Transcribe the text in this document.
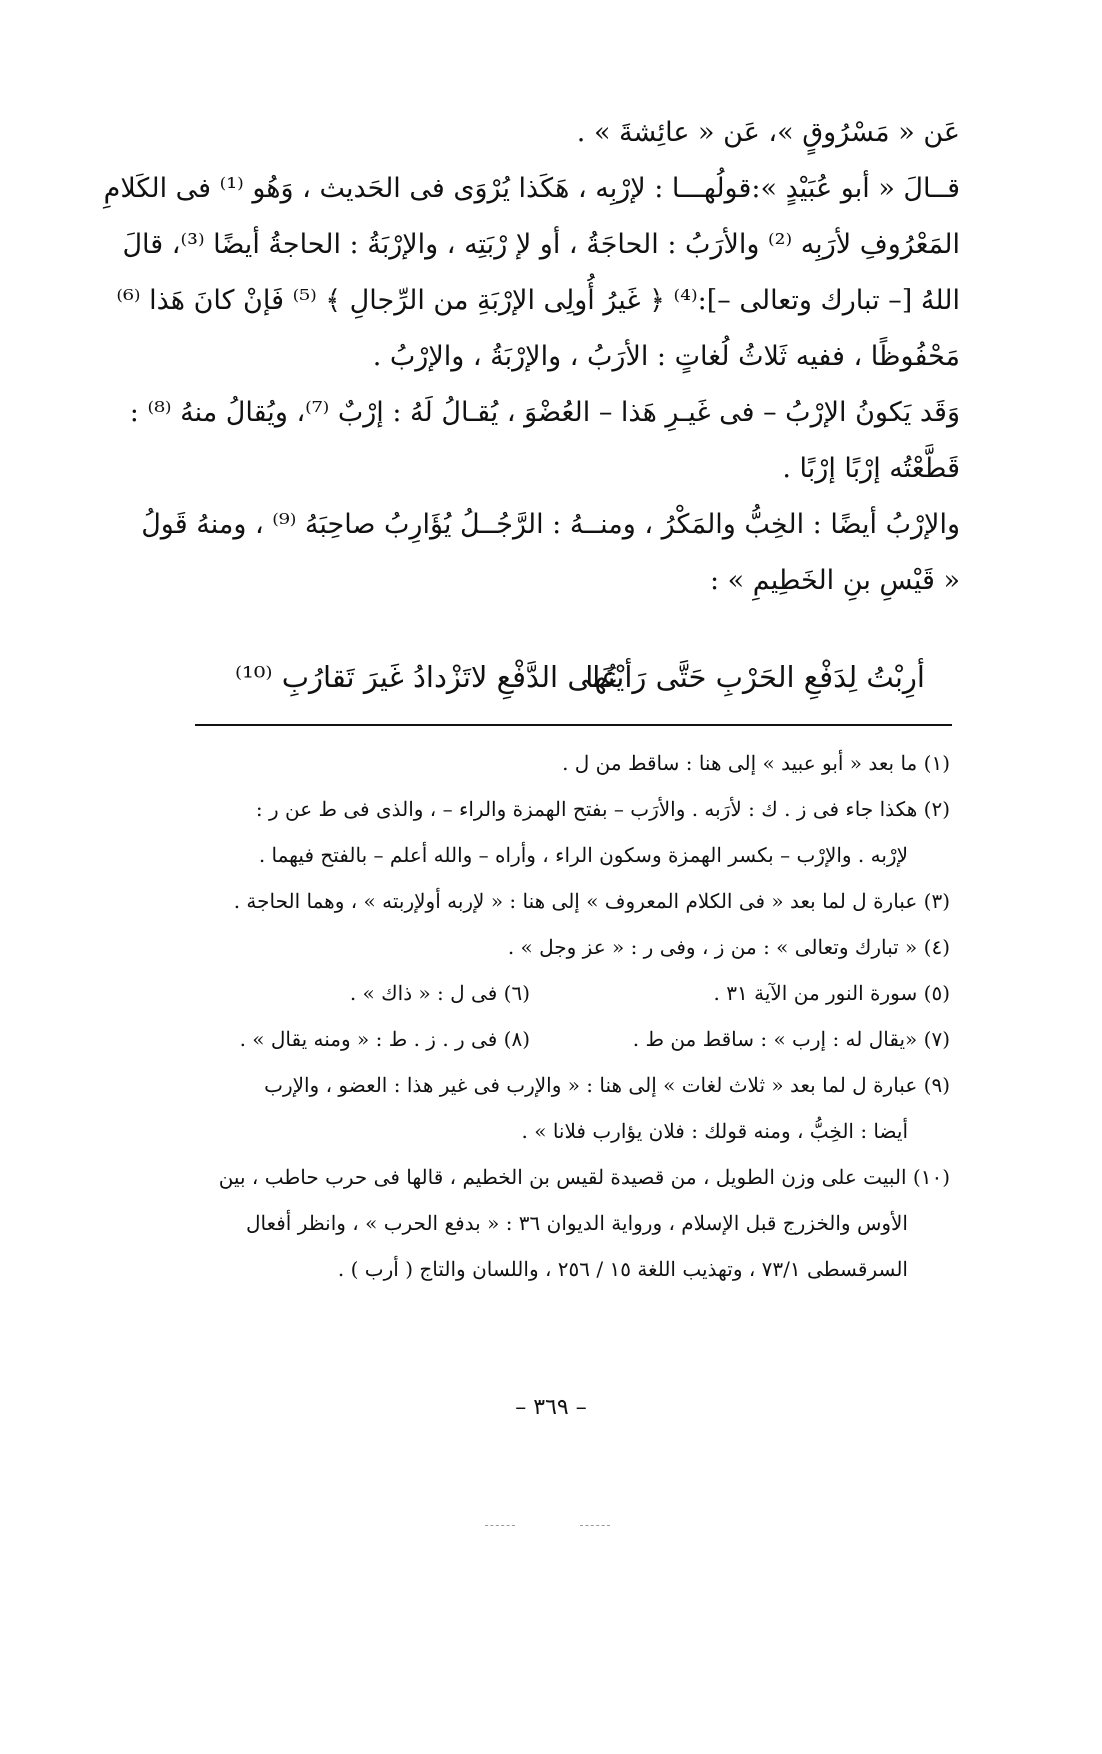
عَن « مَسْرُوقٍ »، عَن « عائِشةَ » .
قــالَ « أبو عُبَيْدٍ »:قولُهـــا : لإرْبِه ، هَكَذا يُرْوَى فى الحَديث ، وَهُو ⁽¹⁾ فى الكَلامِ
المَعْرُوفِ لأرَبِه ⁽²⁾ والأرَبُ : الحاجَةُ ، أو لإ رْبَتِه ، والإرْبَةُ : الحاجةُ أيضًا ⁽³⁾، قالَ
اللهُ [– تبارك وتعالى –]:⁽⁴⁾ ﴿ غَيرُ أُولِى الإرْبَةِ من الرِّجالِ ﴾ ⁽⁵⁾ فَإنْ كانَ هَذا ⁽⁶⁾
مَحْفُوظًا ، ففيه ثَلاثُ لُغاتٍ : الأرَبُ ، والإرْبَةُ ، والإرْبُ .
وَقَد يَكونُ الإرْبُ – فى غَيـرِ هَذا – العُضْوَ ، يُقـالُ لَهُ : إرْبٌ ⁽⁷⁾، ويُقالُ منهُ ⁽⁸⁾ :
قَطَّعْتُه إرْبًا إرْبًا .
والإرْبُ أيضًا : الخِبُّ والمَكْرُ ، ومنــهُ : الرَّجُــلُ يُؤَارِبُ صاحِبَهُ ⁽⁹⁾ ، ومنهُ قَولُ
« قَيْسِ بنِ الخَطِيمِ » :
أرِبْتُ لِدَفْعِ الحَرْبِ حَتَّى رَأيْتُها
عَلى الدَّفْعِ لاتَزْدادُ غَيرَ تَقارُبِ ⁽¹⁰⁾
(١) ما بعد « أبو عبيد » إلى هنا : ساقط من ل .
(٢) هكذا جاء فى ز . ك : لأرَبه . والأرَب – بفتح الهمزة والراء – ، والذى فى ط عن ر :
لإرْبه . والإرْب – بكسر الهمزة وسكون الراء ، وأراه – والله أعلم – بالفتح فيهما .
(٣) عبارة ل لما بعد « فى الكلام المعروف » إلى هنا : « لإربه أولإربته » ، وهما الحاجة .
(٤) « تبارك وتعالى » : من ز ، وفى ر : « عز وجل » .
(٥) سورة النور من الآية ٣١ .
(٦) فى ل : « ذاك » .
(٧) «يقال له : إرب » : ساقط من ط .
(٨) فى ر . ز . ط : « ومنه يقال » .
(٩) عبارة ل لما بعد « ثلاث لغات » إلى هنا : « والإرب فى غير هذا : العضو ، والإرب
أيضا : الخِبُّ ، ومنه قولك : فلان يؤارب فلانا » .
(١٠) البيت على وزن الطويل ، من قصيدة لقيس بن الخطيم ، قالها فى حرب حاطب ، بين
الأوس والخزرج قبل الإسلام ، ورواية الديوان ٣٦ : « بدفع الحرب » ، وانظر أفعال
السرقسطى ٧٣/١ ، وتهذيب اللغة ١٥ / ٢٥٦ ، واللسان والتاج ( أرب ) .
– ٣٦٩ –
